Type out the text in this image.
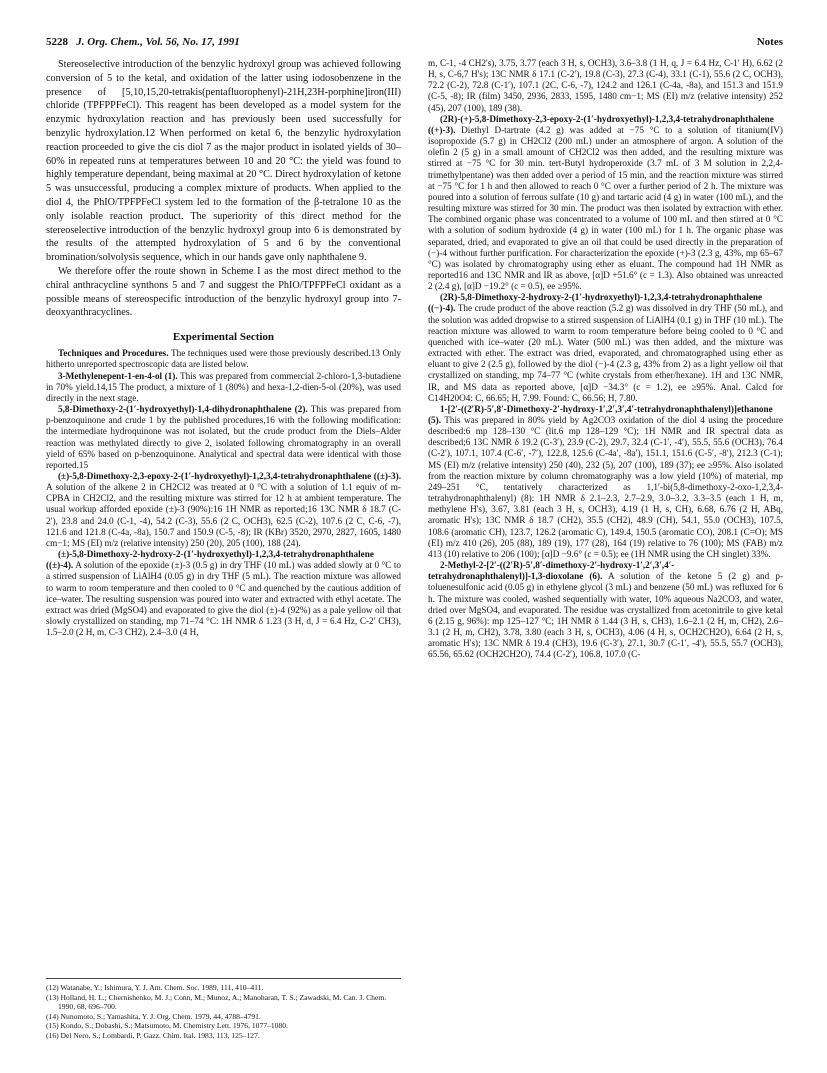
5228 J. Org. Chem., Vol. 56, No. 17, 1991	Notes

Stereoselective introduction of the benzylic hydroxyl group was achieved following conversion of 5 to the ketal, and oxidation of the latter using iodosobenzene in the presence of [5,10,15,20-tetrakis(pentafluorophenyl)-21H,23H-porphine]iron(III) chloride (TPFPPFeCl). This reagent has been developed as a model system for the enzymic hydroxylation reaction and has previously been used successfully for benzylic hydroxylation.12 When performed on ketal 6, the benzylic hydroxylation reaction proceeded to give the cis diol 7 as the major product in isolated yields of 30–60% in repeated runs at temperatures between 10 and 20 °C: the yield was found to highly temperature dependant, being maximal at 20 °C. Direct hydroxylation of ketone 5 was unsuccessful, producing a complex mixture of products. When applied to the diol 4, the PhIO/TPFPFeCl system led to the formation of the β-tetralone 10 as the only isolable reaction product. The superiority of this direct method for the stereoselective introduction of the benzylic hydroxyl group into 6 is demonstrated by the results of the attempted hydroxylation of 5 and 6 by the conventional bromination/solvolysis sequence, which in our hands gave only naphthalene 9.

We therefore offer the route shown in Scheme I as the most direct method to the chiral anthracycline synthons 5 and 7 and suggest the PhIO/TPFPFeCl oxidant as a possible means of stereospecific introduction of the benzylic hydroxyl group into 7-deoxyanthracyclines.

Experimental Section

Techniques and Procedures. The techniques used were those previously described.13 Only hitherto unreported spectroscopic data are listed below.

3-Methylenepent-1-en-4-ol (1). This was prepared from commercial 2-chloro-1,3-butadiene in 70% yield.14,15 The product, a mixture of 1 (80%) and hexa-1,2-dien-5-ol (20%), was used directly in the next stage.

5,8-Dimethoxy-2-(1′-hydroxyethyl)-1,4-dihydronaphthalene (2). This was prepared from p-benzoquinone and crude 1 by the published procedures,16 with the following modification: the intermediate hydroquinone was not isolated, but the crude product from the Diels–Alder reaction was methylated directly to give 2, isolated following chromatography in an overall yield of 65% based on p-benzoquinone. Analytical and spectral data were identical with those reported.15

(±)-5,8-Dimethoxy-2,3-epoxy-2-(1′-hydroxyethyl)-1,2,3,4-tetrahydronaphthalene ((±)-3). A solution of the alkene 2 in CH2Cl2 was treated at 0 °C with a solution of 1.1 equiv of m-CPBA in CH2Cl2, and the resulting mixture was stirred for 12 h at ambient temperature. The usual workup afforded epoxide (±)-3 (90%):16 1H NMR as reported;16 13C NMR δ 18.7 (C-2′), 23.8 and 24.0 (C-1, -4), 54.2 (C-3), 55.6 (2 C, OCH3), 62.5 (C-2), 107.6 (2 C, C-6, -7), 121.6 and 121.8 (C-4a, -8a), 150.7 and 150.9 (C-5, -8); IR (KBr) 3520, 2970, 2827, 1605, 1480 cm−1; MS (EI) m/z (relative intensity) 250 (20), 205 (100), 188 (24).

(±)-5,8-Dimethoxy-2-hydroxy-2-(1′-hydroxyethyl)-1,2,3,4-tetrahydronaphthalene ((±)-4). A solution of the epoxide (±)-3 (0.5 g) in dry THF (10 mL) was added slowly at 0 °C to a stirred suspension of LiAlH4 (0.05 g) in dry THF (5 mL). The reaction mixture was allowed to warm to room temperature and then cooled to 0 °C and quenched by the cautious addition of ice–water. The resulting suspension was poured into water and extracted with ethyl acetate. The extract was dried (MgSO4) and evaporated to give the diol (±)-4 (92%) as a pale yellow oil that slowly crystallized on standing, mp 71–74 °C: 1H NMR δ 1.23 (3 H, d, J = 6.4 Hz, C-2′ CH3), 1.5–2.0 (2 H, m, C-3 CH2), 2.4–3.0 (4 H,

(12) Watanabe, Y.; Ishimura, Y. J. Am. Chem. Soc. 1989, 111, 410–411.

(13) Holland, H. L.; Chernishenko, M. J.; Conn, M.; Munoz, A.; Manoharan, T. S.; Zawadski, M. Can. J. Chem. 1990, 68, 696–700.

(14) Nunomoto, S.; Yamashita, Y. J. Org. Chem. 1979, 44, 4788–4791.

(15) Kondo, S.; Dobashi, S.; Matsumoto, M. Chemistry Lett. 1976, 1077–1080.

(16) Del Nero, S.; Lombardi, P. Gazz. Chim. Ital. 1983, 113, 125–127.

m, C-1, -4 CH2's), 3.75, 3.77 (each 3 H, s, OCH3), 3.6–3.8 (1 H, q, J = 6.4 Hz, C-1′ H), 6.62 (2 H, s, C-6,7 H's); 13C NMR δ 17.1 (C-2′), 19.8 (C-3), 27.3 (C-4), 33.1 (C-1), 55.6 (2 C, OCH3), 72.2 (C-2), 72.8 (C-1′), 107.1 (2C, C-6, -7), 124.2 and 126.1 (C-4a, -8a), and 151.3 and 151.9 (C-5, -8); IR (film) 3450, 2936, 2833, 1595, 1480 cm−1; MS (EI) m/z (relative intensity) 252 (45), 207 (100), 189 (38).

(2R)-(+)-5,8-Dimethoxy-2,3-epoxy-2-(1′-hydroxyethyl)-1,2,3,4-tetrahydronaphthalene ((+)-3). Diethyl D-tartrate (4.2 g) was added at −75 °C to a solution of titanium(IV) isopropoxide (5.7 g) in CH2Cl2 (200 mL) under an atmosphere of argon. A solution of the olefin 2 (5 g) in a small amount of CH2Cl2 was then added, and the resulting mixture was stirred at −75 °C for 30 min. tert-Butyl hydroperoxide (3.7 mL of 3 M solution in 2,2,4-trimethylpentane) was then added over a period of 15 min, and the reaction mixture was stirred at −75 °C for 1 h and then allowed to reach 0 °C over a further period of 2 h. The mixture was poured into a solution of ferrous sulfate (10 g) and tartaric acid (4 g) in water (100 mL), and the resulting mixture was stirred for 30 min. The product was then isolated by extraction with ether. The combined organic phase was concentrated to a volume of 100 mL and then stirred at 0 °C with a solution of sodium hydroxide (4 g) in water (100 mL) for 1 h. The organic phase was separated, dried, and evaporated to give an oil that could be used directly in the preparation of (−)-4 without further purification. For characterization the epoxide (+)-3 (2.3 g, 43%, mp 65–67 °C) was isolated by chromatography using ether as eluant. The compound had 1H NMR as reported16 and 13C NMR and IR as above, [α]D +51.6° (c = 1.3). Also obtained was unreacted 2 (2.4 g), [α]D −19.2° (c = 0.5), ee ≥95%.

(2R)-5,8-Dimethoxy-2-hydroxy-2-(1′-hydroxyethyl)-1,2,3,4-tetrahydronaphthalene ((−)-4). The crude product of the above reaction (5.2 g) was dissolved in dry THF (50 mL), and the solution was added dropwise to a stirred suspension of LiAlH4 (0.1 g) in THF (10 mL). The reaction mixture was allowed to warm to room temperature before being cooled to 0 °C and quenched with ice–water (20 mL). Water (500 mL) was then added, and the mixture was extracted with ether. The extract was dried, evaporated, and chromatographed using ether as eluant to give 2 (2.5 g), followed by the diol (−)-4 (2.3 g, 43% from 2) as a light yellow oil that crystallized on standing, mp 74–77 °C (white crystals from ether/hexane). 1H and 13C NMR, IR, and MS data as reported above, [α]D −34.3° (c = 1.2), ee ≥95%. Anal. Calcd for C14H20O4: C, 66.65; H, 7.99. Found: C, 66.56; H, 7.80.

1-[2′-((2′R)-5′,8′-Dimethoxy-2′-hydroxy-1′,2′,3′,4′-tetrahydronaphthalenyl)]ethanone (5). This was prepared in 80% yield by Ag2CO3 oxidation of the diol 4 using the procedure described:6 mp 128–130 °C (lit.6 mp 128–129 °C); 1H NMR and IR spectral data as described;6 13C NMR δ 19.2 (C-3′), 23.9 (C-2), 29.7, 32.4 (C-1′, -4′), 55.5, 55.6 (OCH3), 76.4 (C-2′), 107.1, 107.4 (C-6′, -7′), 122.8, 125.6 (C-4a′, -8a′), 151.1, 151.6 (C-5′, -8′), 212.3 (C-1); MS (EI) m/z (relative intensity) 250 (40), 232 (5), 207 (100), 189 (37); ee ≥95%. Also isolated from the reaction mixture by column chromatography was a low yield (10%) of material, mp 249–251 °C, tentatively characterized as 1,1′-bi(5,8-dimethoxy-2-oxo-1,2,3,4-tetrahydronaphthalenyl) (8): 1H NMR δ 2.1–2.3, 2.7–2.9, 3.0–3.2, 3.3–3.5 (each 1 H, m, methylene H's), 3.67, 3.81 (each 3 H, s, OCH3), 4.19 (1 H, s, CH), 6.68, 6.76 (2 H, ABq, aromatic H's); 13C NMR δ 18.7 (CH2), 35.5 (CH2), 48.9 (CH), 54.1, 55.0 (OCH3), 107.5, 108.6 (aromatic CH), 123.7, 126.2 (aromatic C), 149.4, 150.5 (aromatic CO), 208.1 (C=O); MS (EI) m/z 410 (26), 205 (88), 189 (19), 177 (28), 164 (19) relative to 76 (100); MS (FAB) m/z 413 (10) relative to 206 (100); [α]D −9.6° (c = 0.5); ee (1H NMR using the CH singlet) 33%.

2-Methyl-2-[2′-((2′R)-5′,8′-dimethoxy-2′-hydroxy-1′,2′,3′,4′-tetrahydronaphthalenyl)]-1,3-dioxolane (6). A solution of the ketone 5 (2 g) and p-toluenesulfonic acid (0.05 g) in ethylene glycol (3 mL) and benzene (50 mL) was refluxed for 6 h. The mixture was cooled, washed sequentially with water, 10% aqueous Na2CO3, and water, dried over MgSO4, and evaporated. The residue was crystallized from acetonitrile to give ketal 6 (2.15 g, 96%): mp 125–127 °C; 1H NMR δ 1.44 (3 H, s, CH3), 1.6–2.1 (2 H, m, CH2), 2.6–3.1 (2 H, m, CH2), 3.78, 3.80 (each 3 H, s, OCH3), 4.06 (4 H, s, OCH2CH2O), 6.64 (2 H, s, aromatic H's); 13C NMR δ 19.4 (CH3), 19.6 (C-3′), 27.1, 30.7 (C-1′, -4′), 55.5, 55.7 (OCH3), 65.56, 65.62 (OCH2CH2O), 74.4 (C-2′), 106.8, 107.0 (C-
